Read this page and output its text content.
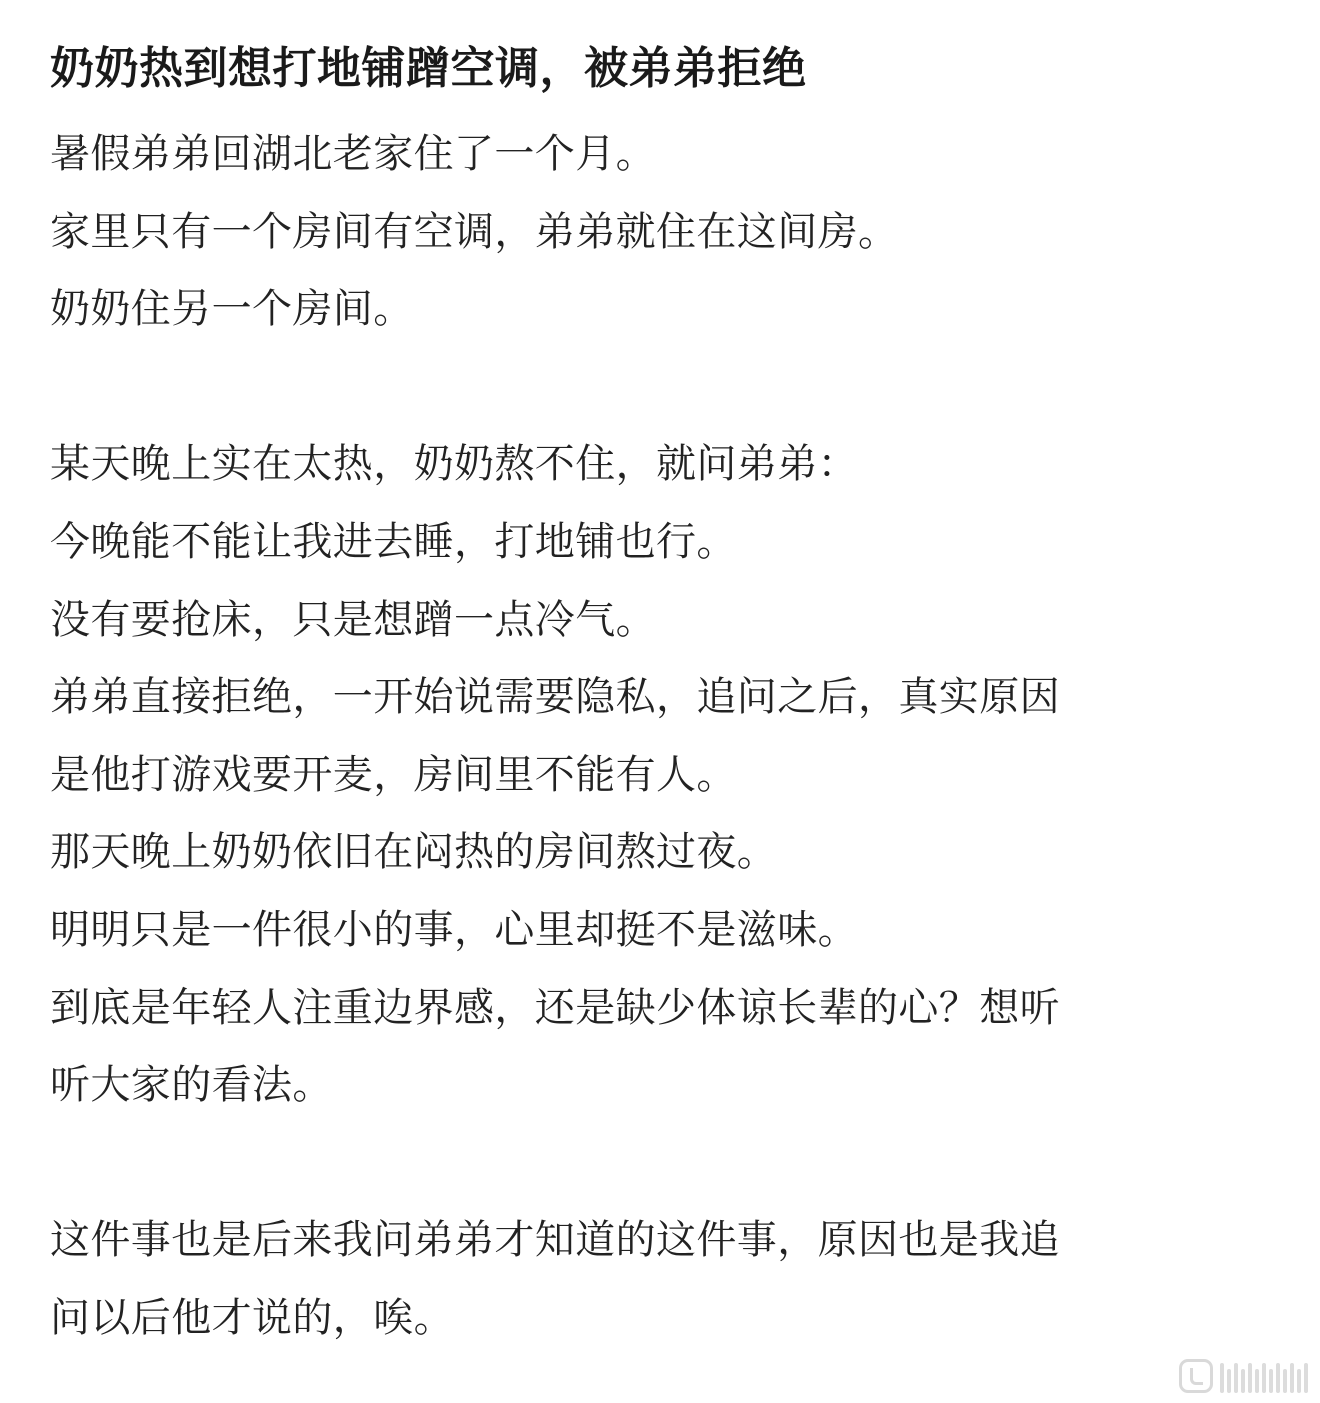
奶奶热到想打地铺蹭空调，被弟弟拒绝
暑假弟弟回湖北老家住了一个月。
家里只有一个房间有空调，弟弟就住在这间房。
奶奶住另一个房间。
某天晚上实在太热，奶奶熬不住，就问弟弟：
今晚能不能让我进去睡，打地铺也行。
没有要抢床，只是想蹭一点冷气。
弟弟直接拒绝，一开始说需要隐私，追问之后，真实原因
是他打游戏要开麦，房间里不能有人。
那天晚上奶奶依旧在闷热的房间熬过夜。
明明只是一件很小的事，心里却挺不是滋味。
到底是年轻人注重边界感，还是缺少体谅长辈的心？想听
听大家的看法。
这件事也是后来我问弟弟才知道的这件事，原因也是我追
问以后他才说的，唉。
